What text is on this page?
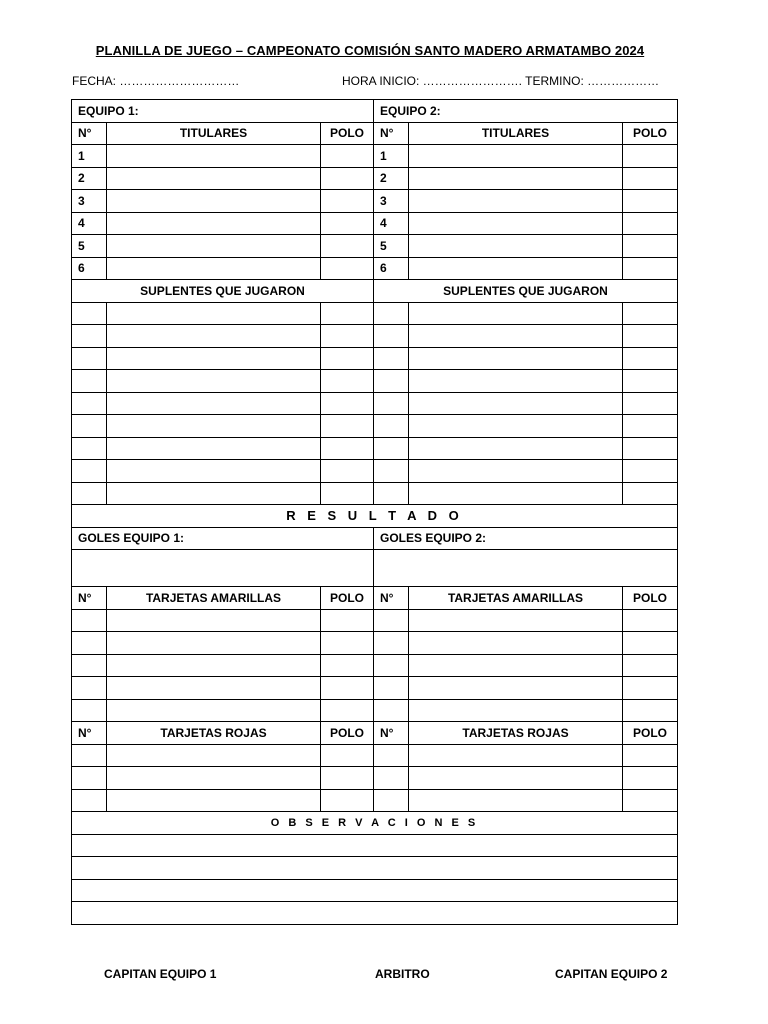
PLANILLA DE JUEGO – CAMPEONATO COMISIÓN SANTO MADERO ARMATAMBO 2024
FECHA: …………………………	HORA INICIO: ……………………. TERMINO: ………………
EQUIPO 1:			EQUIPO 2:		
N°	TITULARES	POLO	N°	TITULARES	POLO
1			1		
2			2		
3			3		
4			4		
5			5		
6			6		
SUPLENTES QUE JUGARON			SUPLENTES QUE JUGARON		

R E S U L T A D O					
GOLES EQUIPO 1:			GOLES EQUIPO 2:		

N°	TARJETAS AMARILLAS	POLO	N°	TARJETAS AMARILLAS	POLO

N°	TARJETAS ROJAS	POLO	N°	TARJETAS ROJAS	POLO

O B S E R V A C I O N E S					

CAPITAN EQUIPO 1	ARBITRO	CAPITAN EQUIPO 2
